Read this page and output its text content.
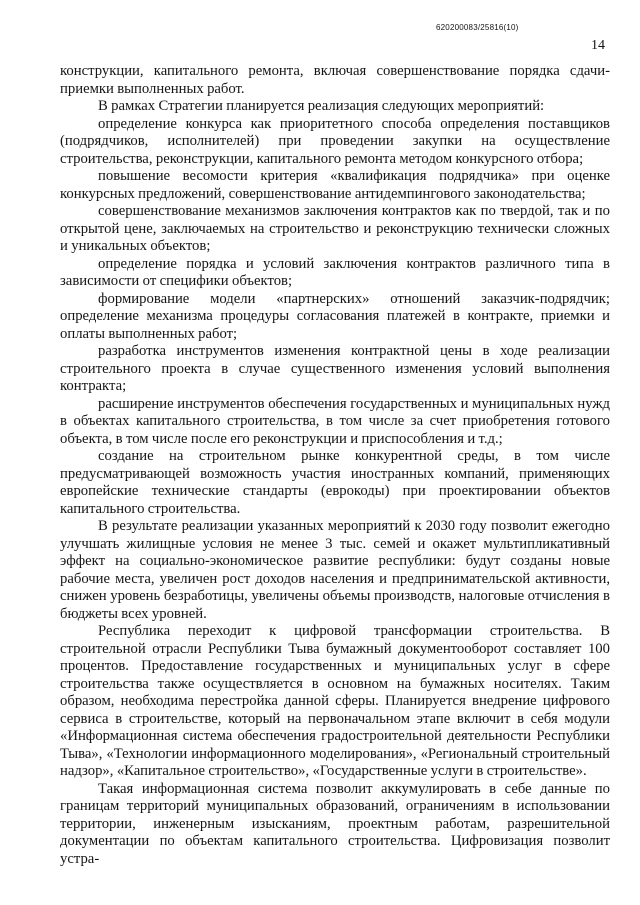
620200083/25816(10)
14

конструкции, капитального ремонта, включая совершенствование порядка сдачи-приемки выполненных работ.

В рамках Стратегии планируется реализация следующих мероприятий:

определение конкурса как приоритетного способа определения поставщиков (подрядчиков, исполнителей) при проведении закупки на осуществление строительства, реконструкции, капитального ремонта методом конкурсного отбора;

повышение весомости критерия «квалификация подрядчика» при оценке конкурсных предложений, совершенствование антидемпингового законодательства;

совершенствование механизмов заключения контрактов как по твердой, так и по открытой цене, заключаемых на строительство и реконструкцию технически сложных и уникальных объектов;

определение порядка и условий заключения контрактов различного типа в зависимости от специфики объектов;

формирование модели «партнерских» отношений заказчик-подрядчик; определение механизма процедуры согласования платежей в контракте, приемки и оплаты выполненных работ;

разработка инструментов изменения контрактной цены в ходе реализации строительного проекта в случае существенного изменения условий выполнения контракта;

расширение инструментов обеспечения государственных и муниципальных нужд в объектах капитального строительства, в том числе за счет приобретения готового объекта, в том числе после его реконструкции и приспособления и т.д.;

создание на строительном рынке конкурентной среды, в том числе предусматривающей возможность участия иностранных компаний, применяющих европейские технические стандарты (еврокоды) при проектировании объектов капитального строительства.

В результате реализации указанных мероприятий к 2030 году позволит ежегодно улучшать жилищные условия не менее 3 тыс. семей и окажет мультипликативный эффект на социально-экономическое развитие республики: будут созданы новые рабочие места, увеличен рост доходов населения и предпринимательской активности, снижен уровень безработицы, увеличены объемы производств, налоговые отчисления в бюджеты всех уровней.

Республика переходит к цифровой трансформации строительства. В строительной отрасли Республики Тыва бумажный документооборот составляет 100 процентов. Предоставление государственных и муниципальных услуг в сфере строительства также осуществляется в основном на бумажных носителях. Таким образом, необходима перестройка данной сферы. Планируется внедрение цифрового сервиса в строительстве, который на первоначальном этапе включит в себя модули «Информационная система обеспечения градостроительной деятельности Республики Тыва», «Технологии информационного моделирования», «Региональный строительный надзор», «Капитальное строительство», «Государственные услуги в строительстве».

Такая информационная система позволит аккумулировать в себе данные по границам территорий муниципальных образований, ограничениям в использовании территории, инженерным изысканиям, проектным работам, разрешительной документации по объектам капитального строительства. Цифровизация позволит устра-
